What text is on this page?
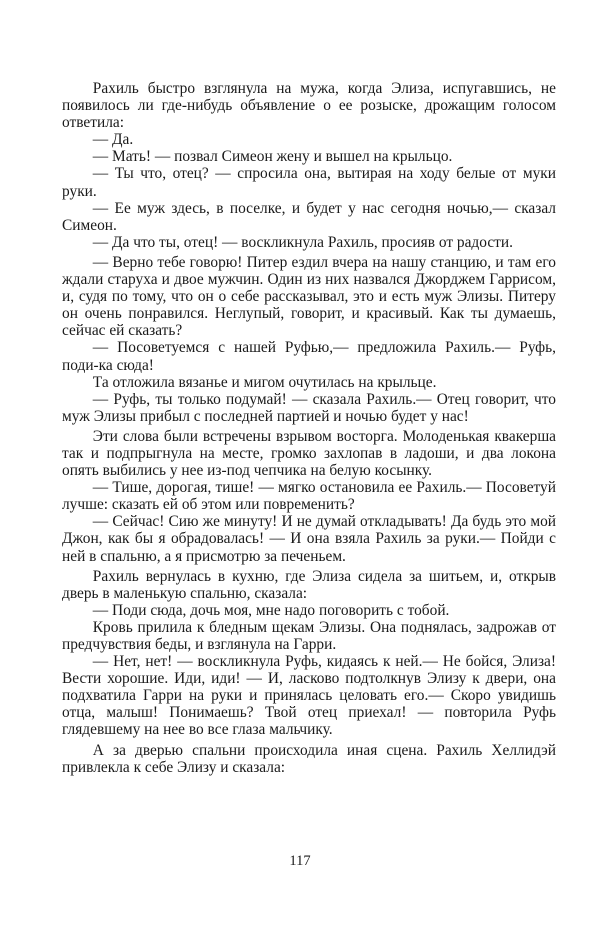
Рахиль быстро взглянула на мужа, когда Элиза, испугавшись, не появилось ли где-нибудь объявление о ее розыске, дрожащим голосом ответила:

— Да.

— Мать! — позвал Симеон жену и вышел на крыльцо.

— Ты что, отец? — спросила она, вытирая на ходу белые от муки руки.

— Ее муж здесь, в поселке, и будет у нас сегодня ночью,— сказал Симеон.

— Да что ты, отец! — воскликнула Рахиль, просияв от радости.

— Верно тебе говорю! Питер ездил вчера на нашу станцию, и там его ждали старуха и двое мужчин. Один из них назвался Джорджем Гаррисом, и, судя по тому, что он о себе рассказывал, это и есть муж Элизы. Питеру он очень понравился. Неглупый, говорит, и красивый. Как ты думаешь, сейчас ей сказать?

— Посоветуемся с нашей Руфью,— предложила Рахиль.— Руфь, поди-ка сюда!

Та отложила вязанье и мигом очутилась на крыльце.

— Руфь, ты только подумай! — сказала Рахиль.— Отец говорит, что муж Элизы прибыл с последней партией и ночью будет у нас!

Эти слова были встречены взрывом восторга. Молоденькая квакерша так и подпрыгнула на месте, громко захлопав в ладоши, и два локона опять выбились у нее из-под чепчика на белую косынку.

— Тише, дорогая, тише! — мягко остановила ее Рахиль.— Посоветуй лучше: сказать ей об этом или повременить?

— Сейчас! Сию же минуту! И не думай откладывать! Да будь это мой Джон, как бы я обрадовалась! — И она взяла Рахиль за руки.— Пойди с ней в спальню, а я присмотрю за печеньем.

Рахиль вернулась в кухню, где Элиза сидела за шитьем, и, открыв дверь в маленькую спальню, сказала:

— Поди сюда, дочь моя, мне надо поговорить с тобой.

Кровь прилила к бледным щекам Элизы. Она поднялась, задрожав от предчувствия беды, и взглянула на Гарри.

— Нет, нет! — воскликнула Руфь, кидаясь к ней.— Не бойся, Элиза! Вести хорошие. Иди, иди! — И, ласково подтолкнув Элизу к двери, она подхватила Гарри на руки и принялась целовать его.— Скоро увидишь отца, малыш! Понимаешь? Твой отец приехал! — повторила Руфь глядевшему на нее во все глаза мальчику.

А за дверью спальни происходила иная сцена. Рахиль Хеллидэй привлекла к себе Элизу и сказала:

117
